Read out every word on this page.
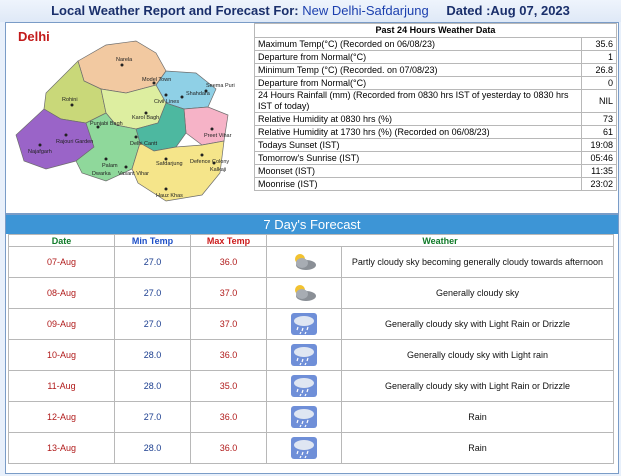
Local Weather Report and Forecast For: New Delhi-Safdarjung Dated :Aug 07, 2023
Narela
Rohini
Shahdara
Punjabi Bagh
Rajouri Garden
Najafgarh
Palam
Dwarka Vasant Vihar
Safdarjung Defence Colony
Kalkaji
Hauz Khas
Preet Vihar
Karol Bagh
Civil Lines
Model Town
Seema Puri
Delhi Cantt
Delhi	Past 24 Hours Weather Data	
Maximum Temp(°C) (Recorded on 06/08/23)	35.6
Departure from Normal(°C)	1
Minimum Temp (°C) (Recorded. on 07/08/23)	26.8
Departure from Normal(°C)	0
24 Hours Rainfall (mm) (Recorded from 0830 hrs IST of yesterday to 0830 hrs IST of today)	NIL
Relative Humidity at 0830 hrs (%)	73
Relative Humidity at 1730 hrs (%) (Recorded on 06/08/23)	61
Todays Sunset (IST)	19:08
Tomorrow's Sunrise (IST)	05:46
Moonset (IST)	11:35
Moonrise (IST)	23:02
7 Day's Forecast
Date	Min Temp	Max Temp	Weather	
07-Aug	27.0	36.0		Partly cloudy sky becoming generally cloudy towards afternoon
08-Aug	27.0	37.0		Generally cloudy sky
09-Aug	27.0	37.0		Generally cloudy sky with Light Rain or Drizzle
10-Aug	28.0	36.0		Generally cloudy sky with Light rain
11-Aug	28.0	35.0		Generally cloudy sky with Light Rain or Drizzle
12-Aug	27.0	36.0		Rain
13-Aug	28.0	36.0		Rain
